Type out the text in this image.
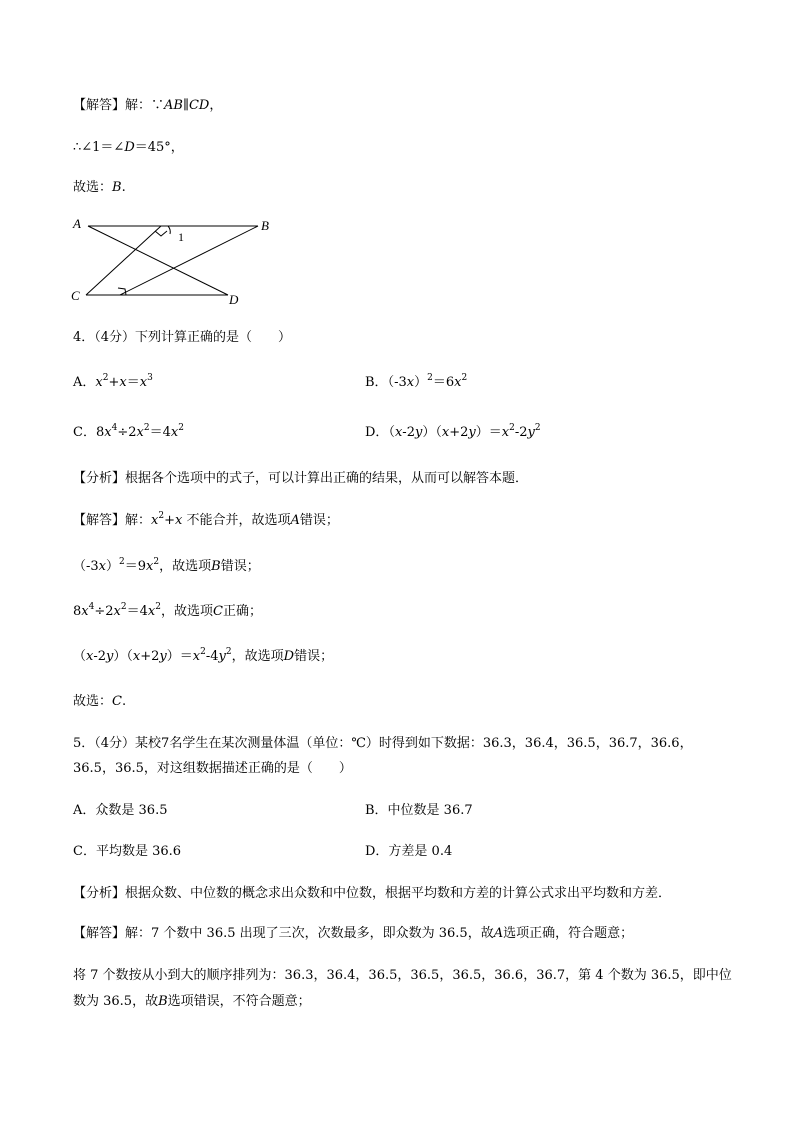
【解答】解：∵AB∥CD，
∴∠1＝∠D＝45°，
故选：B.
A	B
C	D
1
4．（4分）下列计算正确的是（　　）
A．$x^2+x=x^3$	B．$(-3x)^2=6x^2$
C．$8x^4\div 2x^2=4x^2$	D．$(x-2y)(x+2y)=x^2-2y^2$
【分析】根据各个选项中的式子，可以计算出正确的结果，从而可以解答本题．
【解答】解：$x^2+x$ 不能合并，故选项A错误；
$(-3x)^2=9x^2$，故选项B错误；
$8x^4\div 2x^2=4x^2$，故选项C正确；
$(x-2y)(x+2y)=x^2-4y^2$，故选项D错误；
故选：C.
5．（4分）某校7名学生在某次测量体温（单位：℃）时得到如下数据：36.3，36.4，36.5，36.7，36.6，
36.5，36.5，对这组数据描述正确的是（　　）
A．众数是 36.5	B．中位数是 36.7
C．平均数是 36.6	D．方差是 0.4
【分析】根据众数、中位数的概念求出众数和中位数，根据平均数和方差的计算公式求出平均数和方差．
【解答】解：7 个数中 36.5 出现了三次，次数最多，即众数为 36.5，故A选项正确，符合题意；
将 7 个数按从小到大的顺序排列为：36.3，36.4，36.5，36.5，36.5，36.6，36.7，第 4 个数为 36.5，即中位
数为 36.5，故B选项错误，不符合题意；
